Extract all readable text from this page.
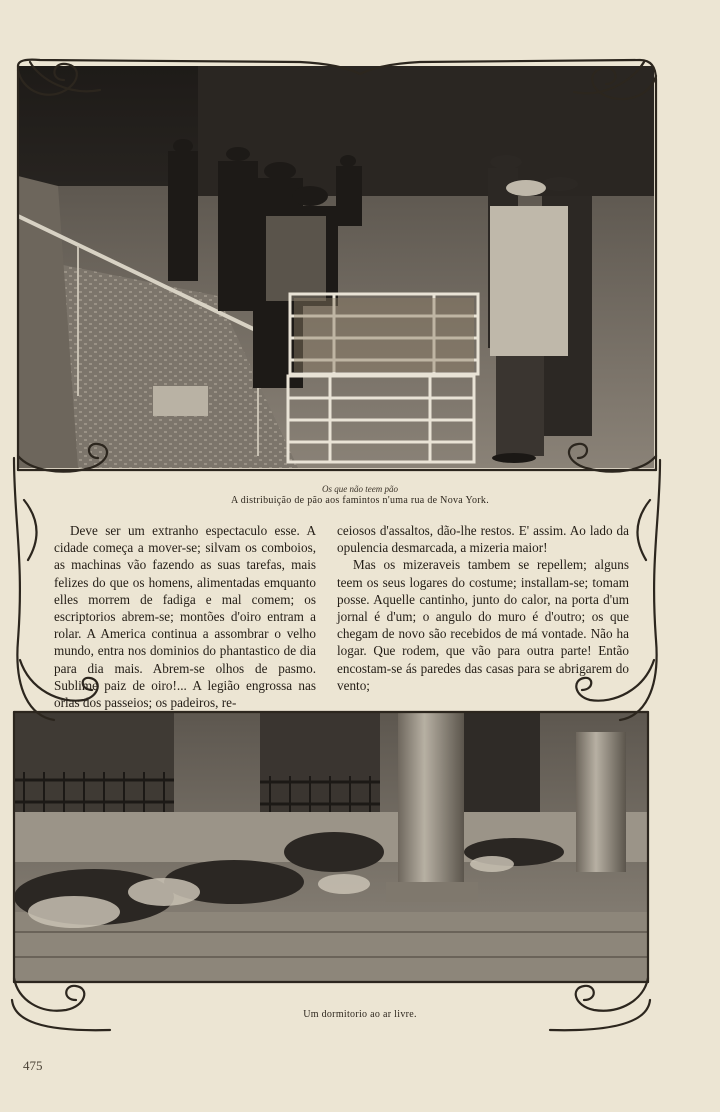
Os que não teem pão
A distribuição de pão aos famintos n'uma rua de Nova York.

Deve ser um extranho espectaculo esse. A cidade começa a mover-se; silvam os comboios, as machinas vão fazendo as suas tarefas, mais felizes do que os homens, alimentadas emquanto elles morrem de fadiga e mal comem; os escriptorios abrem-se; montões d'oiro entram a rolar. A America continua a assombrar o velho mundo, entra nos dominios do phantastico de dia para dia mais. Abrem-se olhos de pasmo. Sublime paiz de oiro!... A legião engrossa nas orlas dos passeios; os padeiros, re-

ceiosos d'assaltos, dão-lhe restos. E' assim. Ao lado da opulencia desmarcada, a mizeria maior!

Mas os mizeraveis tambem se repellem; alguns teem os seus logares do costume; installam-se; tomam posse. Aquelle cantinho, junto do calor, na porta d'um jornal é d'um; o angulo do muro é d'outro; os que chegam de novo são recebidos de má vontade. Não ha logar. Que rodem, que vão para outra parte! Então encostam-se ás paredes das casas para se abrigarem do vento;

Um dormitorio ao ar livre.
475
